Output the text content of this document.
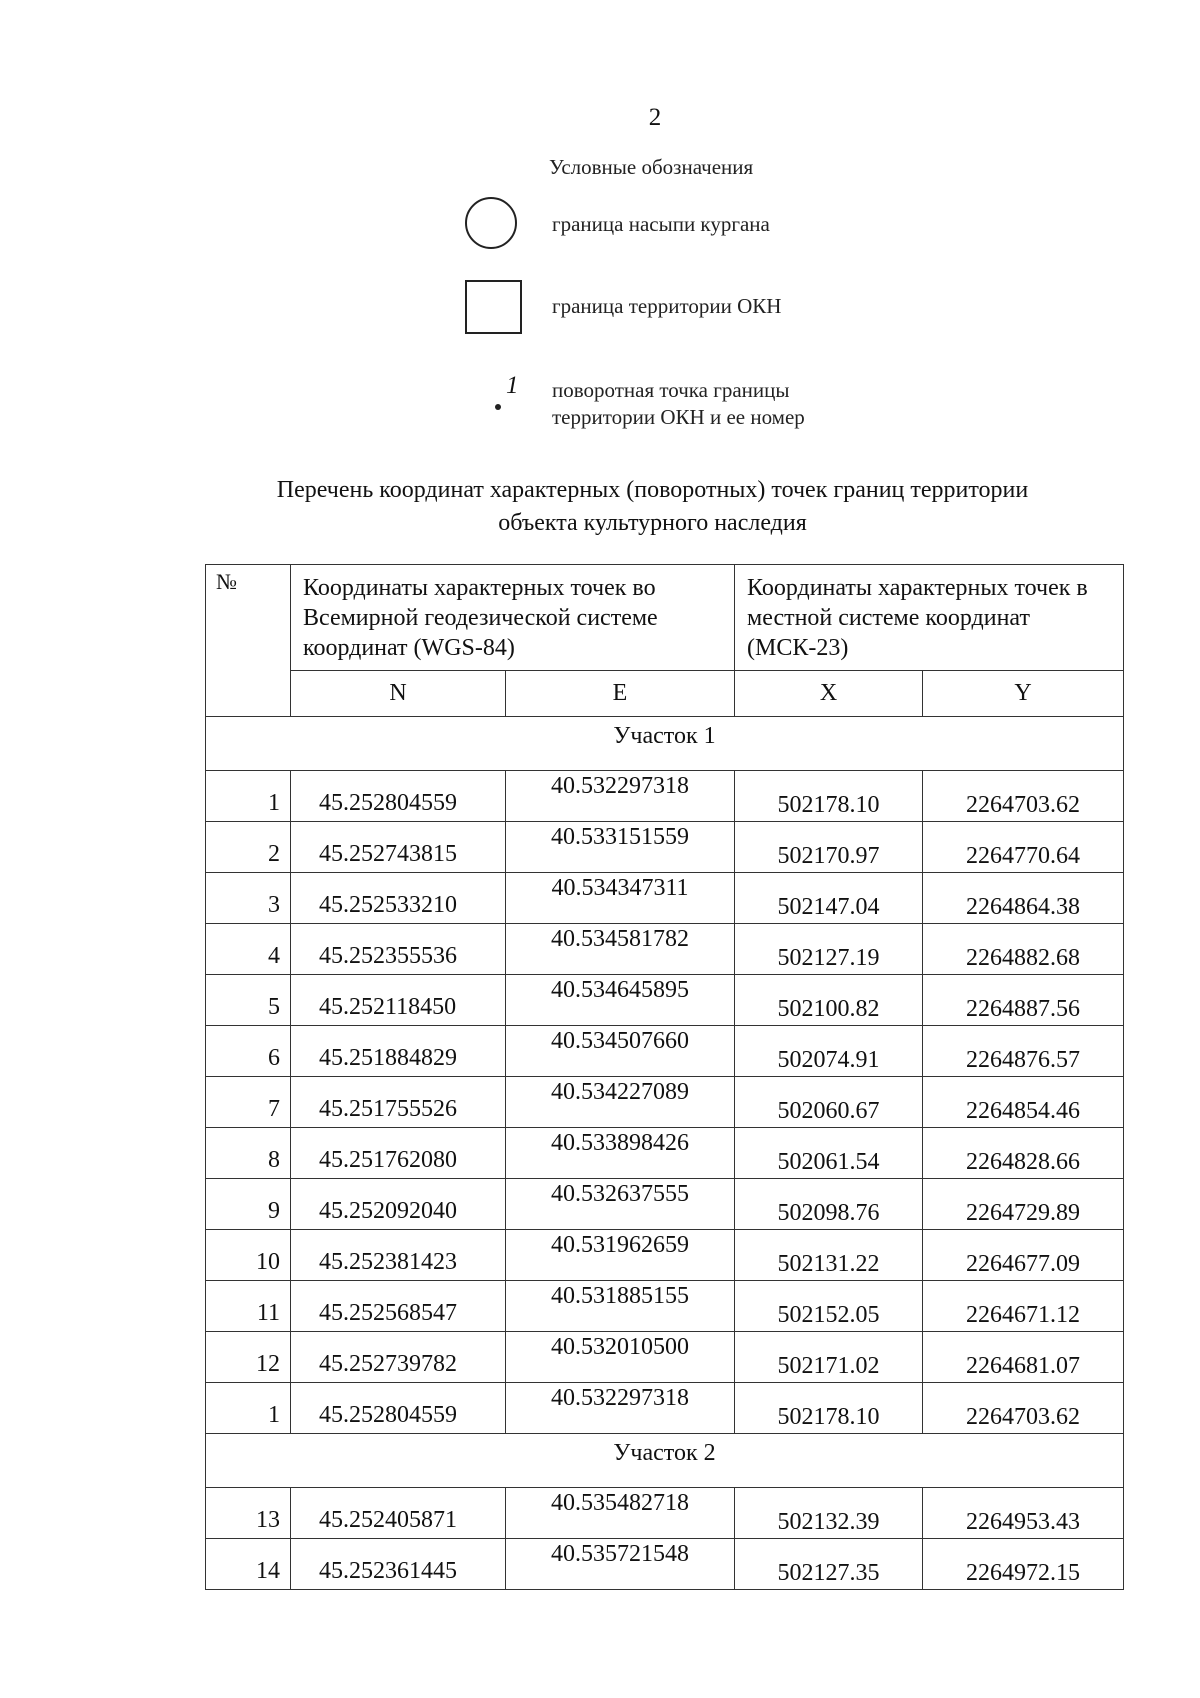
2
Условные обозначения
граница насыпи кургана
граница территории ОКН
1 поворотная точка границы
территории ОКН и ее номер
Перечень координат характерных (поворотных) точек границ территории
объекта культурного наследия
№	Координаты характерных точек во Всемирной геодезической системе координат (WGS-84)		Координаты характерных точек в местной системе координат (МСК-23)	
	N	E	X	Y
Участок 1				
1	45.252804559	40.532297318	502178.10	2264703.62
2	45.252743815	40.533151559	502170.97	2264770.64
3	45.252533210	40.534347311	502147.04	2264864.38
4	45.252355536	40.534581782	502127.19	2264882.68
5	45.252118450	40.534645895	502100.82	2264887.56
6	45.251884829	40.534507660	502074.91	2264876.57
7	45.251755526	40.534227089	502060.67	2264854.46
8	45.251762080	40.533898426	502061.54	2264828.66
9	45.252092040	40.532637555	502098.76	2264729.89
10	45.252381423	40.531962659	502131.22	2264677.09
11	45.252568547	40.531885155	502152.05	2264671.12
12	45.252739782	40.532010500	502171.02	2264681.07
1	45.252804559	40.532297318	502178.10	2264703.62
Участок 2				
13	45.252405871	40.535482718	502132.39	2264953.43
14	45.252361445	40.535721548	502127.35	2264972.15
